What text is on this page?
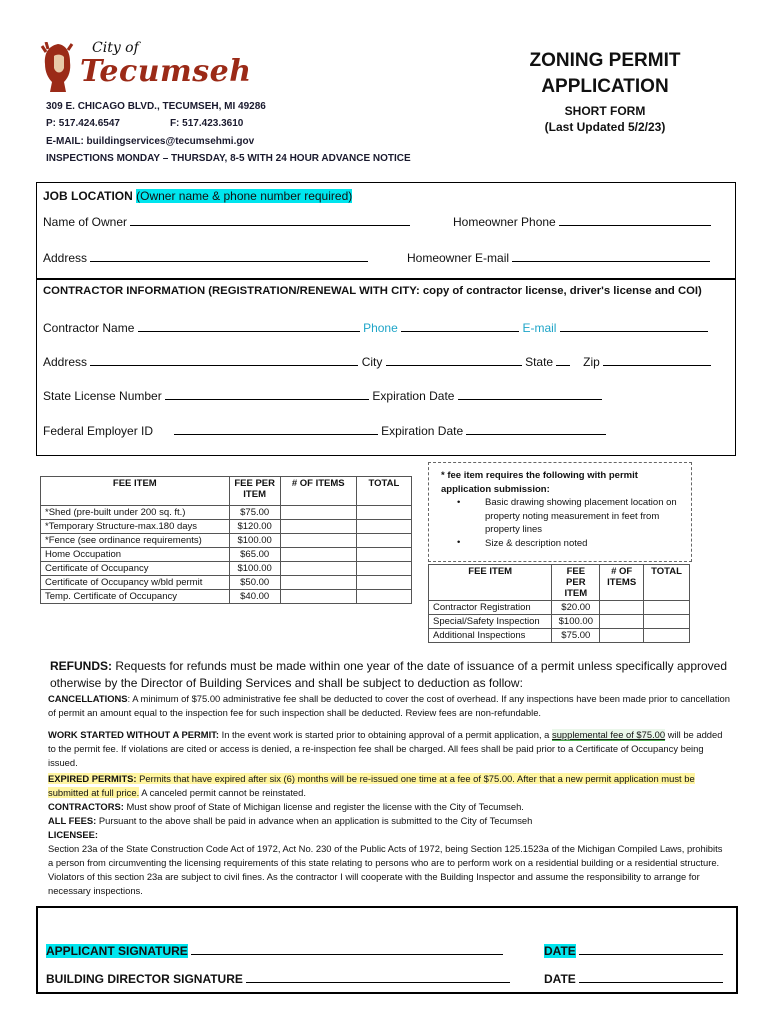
City of
Tecumseh
309 E. CHICAGO BLVD., TECUMSEH, MI 49286
P: 517.424.6547	F: 517.423.3610
E-MAIL: buildingservices@tecumsehmi.gov
INSPECTIONS MONDAY – THURSDAY, 8-5 WITH 24 HOUR ADVANCE NOTICE
ZONING PERMIT
APPLICATION
SHORT FORM
(Last Updated 5/2/23)
JOB LOCATION (Owner name & phone number required)
Name of Owner	Homeowner Phone
Address	Homeowner E-mail
CONTRACTOR INFORMATION (REGISTRATION/RENEWAL WITH CITY: copy of contractor license, driver's license and COI)
Contractor Name	Phone	E-mail
Address	City	State	Zip
State License Number	Expiration Date
Federal Employer ID	Expiration Date
FEE ITEM	FEE PER ITEM	# OF ITEMS	TOTAL
*Shed (pre-built under 200 sq. ft.)	$75.00		
*Temporary Structure-max.180 days	$120.00		
*Fence (see ordinance requirements)	$100.00		
Home Occupation	$65.00		
Certificate of Occupancy	$100.00		
Certificate of Occupancy w/bld permit	$50.00		
Temp. Certificate of Occupancy	$40.00		
* fee item requires the following with permit application submission:
•	Basic drawing showing placement location on property noting measurement in feet from property lines
•	Size & description noted
FEE ITEM	FEE PER ITEM	# OF ITEMS	TOTAL
Contractor Registration	$20.00		
Special/Safety Inspection	$100.00		
Additional Inspections	$75.00		
REFUNDS: Requests for refunds must be made within one year of the date of issuance of a permit unless specifically approved otherwise by the Director of Building Services and shall be subject to deduction as follow:
CANCELLATIONS: A minimum of $75.00 administrative fee shall be deducted to cover the cost of overhead. If any inspections have been made prior to cancellation of permit an amount equal to the inspection fee for such inspection shall be deducted. Review fees are non-refundable.
WORK STARTED WITHOUT A PERMIT: In the event work is started prior to obtaining approval of a permit application, a supplemental fee of $75.00 will be added to the permit fee. If violations are cited or access is denied, a re-inspection fee shall be charged. All fees shall be paid prior to a Certificate of Occupancy being issued.
EXPIRED PERMITS: Permits that have expired after six (6) months will be re-issued one time at a fee of $75.00. After that a new permit application must be submitted at full price. A canceled permit cannot be reinstated.
CONTRACTORS: Must show proof of State of Michigan license and register the license with the City of Tecumseh.
ALL FEES: Pursuant to the above shall be paid in advance when an application is submitted to the City of Tecumseh
LICENSEE:
Section 23a of the State Construction Code Act of 1972, Act No. 230 of the Public Acts of 1972, being Section 125.1523a of the Michigan Compiled Laws, prohibits a person from circumventing the licensing requirements of this state relating to persons who are to perform work on a residential building or a residential structure. Violators of this section 23a are subject to civil fines. As the contractor I will cooperate with the Building Inspector and assume the responsibility to arrange for necessary inspections.
APPLICANT SIGNATURE	DATE
BUILDING DIRECTOR SIGNATURE	DATE
